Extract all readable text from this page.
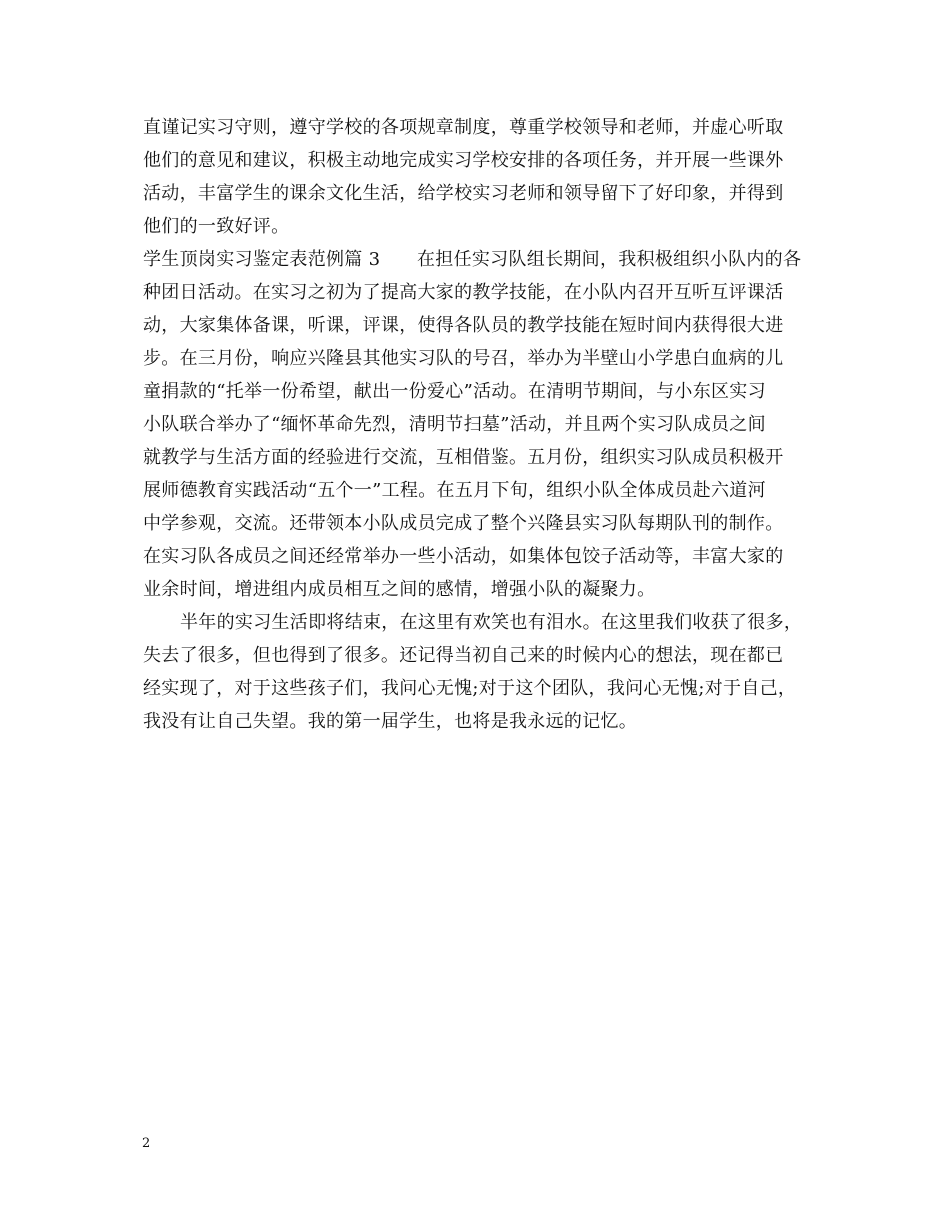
直谨记实习守则，遵守学校的各项规章制度，尊重学校领导和老师，并虚心听取
他们的意见和建议，积极主动地完成实习学校安排的各项任务，并开展一些课外
活动，丰富学生的课余文化生活，给学校实习老师和领导留下了好印象，并得到
他们的一致好评。
学生顶岗实习鉴定表范例篇 3　　在担任实习队组长期间，我积极组织小队内的各
种团日活动。在实习之初为了提高大家的教学技能，在小队内召开互听互评课活
动，大家集体备课，听课，评课，使得各队员的教学技能在短时间内获得很大进
步。在三月份，响应兴隆县其他实习队的号召，举办为半壁山小学患白血病的儿
童捐款的“托举一份希望，献出一份爱心”活动。在清明节期间，与小东区实习
小队联合举办了“缅怀革命先烈，清明节扫墓”活动，并且两个实习队成员之间
就教学与生活方面的经验进行交流，互相借鉴。五月份，组织实习队成员积极开
展师德教育实践活动“五个一”工程。在五月下旬，组织小队全体成员赴六道河
中学参观，交流。还带领本小队成员完成了整个兴隆县实习队每期队刊的制作。
在实习队各成员之间还经常举办一些小活动，如集体包饺子活动等，丰富大家的
业余时间，增进组内成员相互之间的感情，增强小队的凝聚力。
半年的实习生活即将结束，在这里有欢笑也有泪水。在这里我们收获了很多，
失去了很多，但也得到了很多。还记得当初自己来的时候内心的想法，现在都已
经实现了，对于这些孩子们，我问心无愧;对于这个团队，我问心无愧;对于自己，
我没有让自己失望。我的第一届学生，也将是我永远的记忆。
2
